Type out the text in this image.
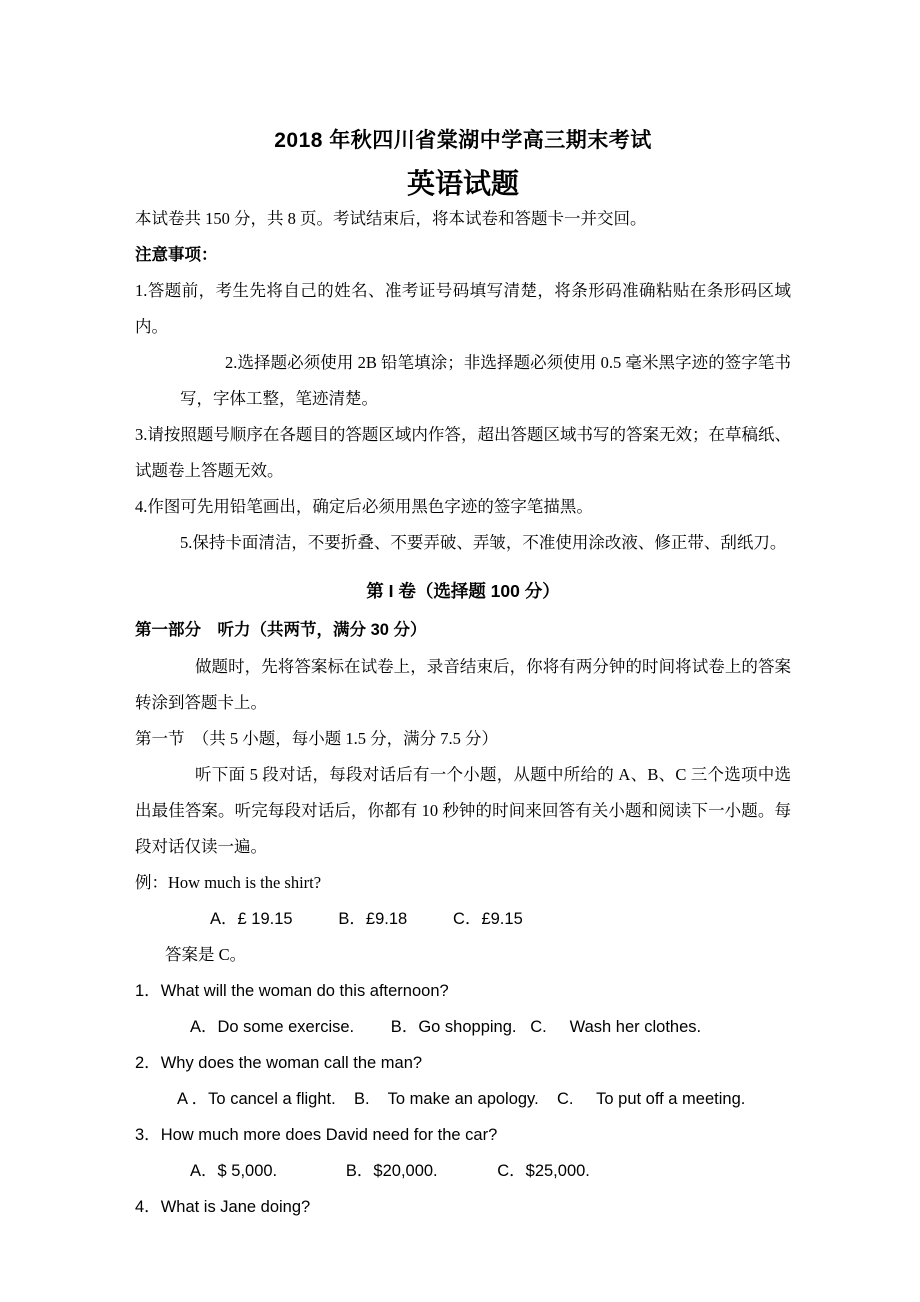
2018 年秋四川省棠湖中学高三期末考试
英语试题

本试卷共 150 分，共 8 页。考试结束后，将本试卷和答题卡一并交回。

注意事项：

1.答题前，考生先将自己的姓名、准考证号码填写清楚，将条形码准确粘贴在条形码区域内。

2.选择题必须使用 2B 铅笔填涂；非选择题必须使用 0.5 毫米黑字迹的签字笔书写，字体工整，笔迹清楚。

3.请按照题号顺序在各题目的答题区域内作答，超出答题区域书写的答案无效；在草稿纸、试题卷上答题无效。

4.作图可先用铅笔画出，确定后必须用黑色字迹的签字笔描黑。

5.保持卡面清洁，不要折叠、不要弄破、弄皱，不准使用涂改液、修正带、刮纸刀。

第 I 卷（选择题 100 分）

第一部分　听力（共两节，满分 30 分）

做题时，先将答案标在试卷上，录音结束后，你将有两分钟的时间将试卷上的答案转涂到答题卡上。

第一节　（共 5 小题，每小题 1.5 分，满分 7.5 分）

听下面 5 段对话，每段对话后有一个小题，从题中所给的 A、B、C 三个选项中选出最佳答案。听完每段对话后，你都有 10 秒钟的时间来回答有关小题和阅读下一小题。每段对话仅读一遍。

例：How much is the shirt?

A．£ 19.15          B．£9.18          C．£9.15

答案是 C。

1．What will the woman do this afternoon?

A．Do some exercise.        B．Go shopping.   C.     Wash her clothes.

2．Why does the woman call the man?

A ．To cancel a flight.    B.    To make an apology.    C.     To put off a meeting.

3．How much more does David need for the car?

A．$ 5,000.               B．$20,000.             C．$25,000.

4．What is Jane doing?
